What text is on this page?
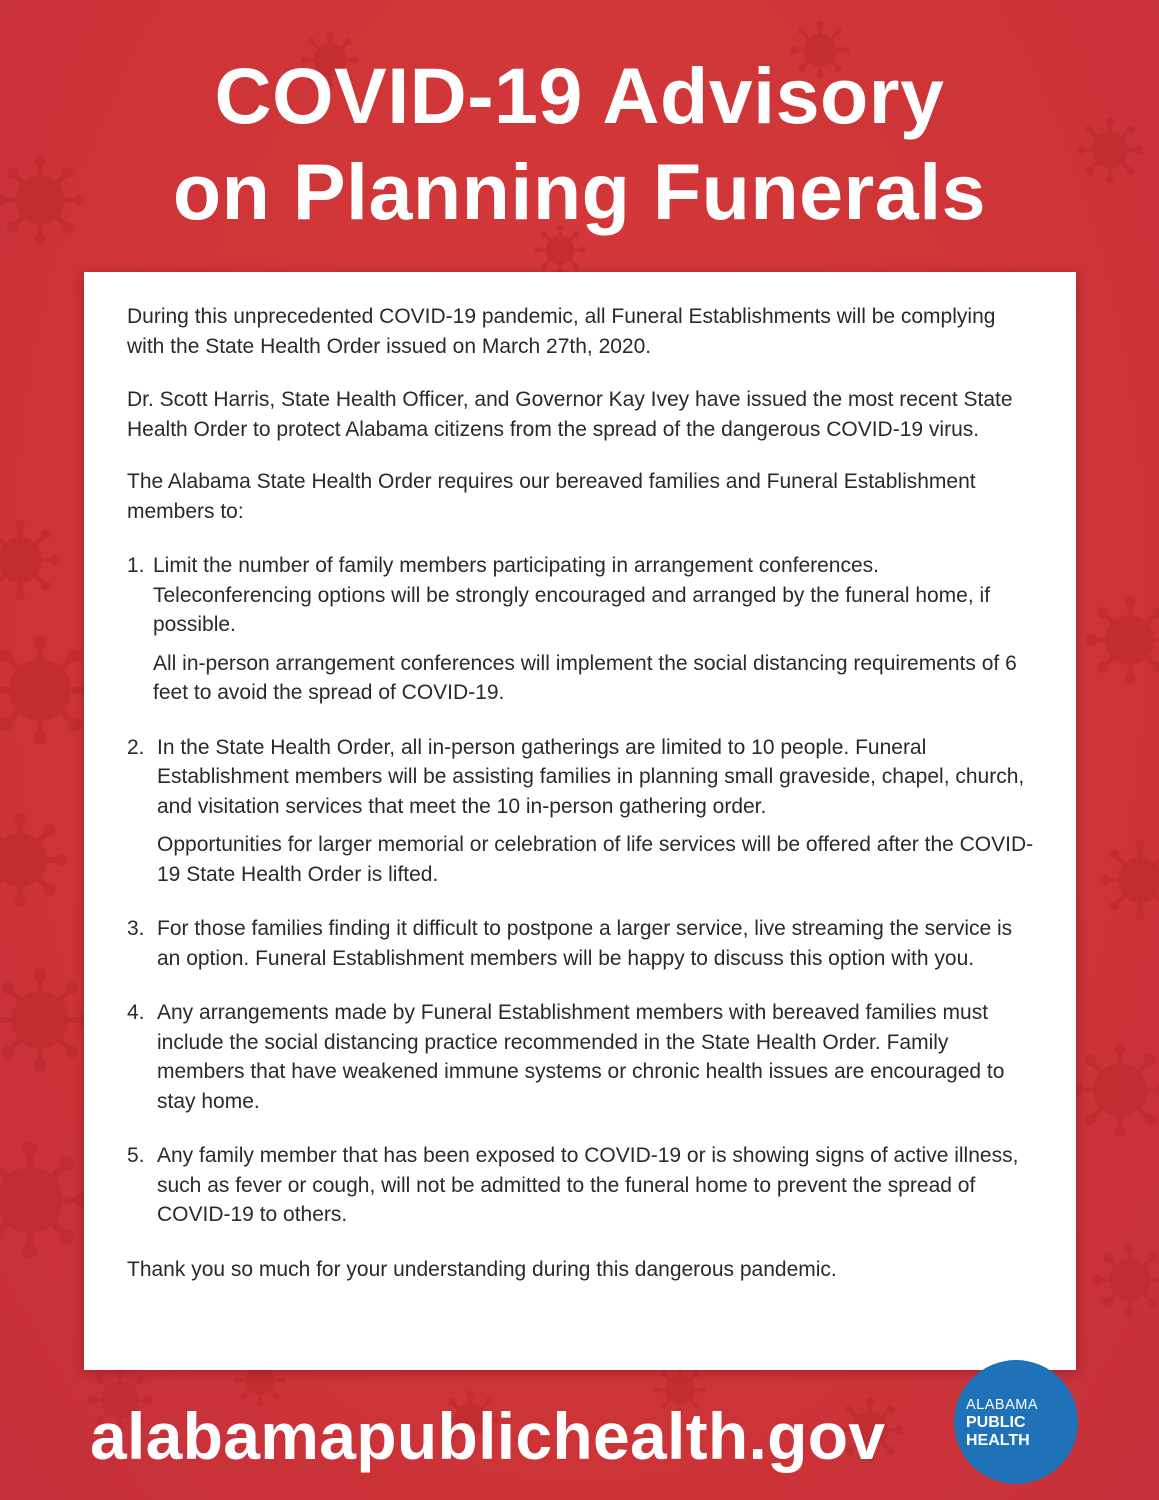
COVID-19 Advisory
on Planning Funerals

During this unprecedented COVID-19 pandemic, all Funeral Establishments will be complying with the State Health Order issued on March 27th, 2020.

Dr. Scott Harris, State Health Officer, and Governor Kay Ivey have issued the most recent State Health Order to protect Alabama citizens from the spread of the dangerous COVID-19 virus.

The Alabama State Health Order requires our bereaved families and Funeral Establishment members to:

1. Limit the number of family members participating in arrangement conferences. Teleconferencing options will be strongly encouraged and arranged by the funeral home, if possible.

All in-person arrangement conferences will implement the social distancing requirements of 6 feet to avoid the spread of COVID-19.

2. In the State Health Order, all in-person gatherings are limited to 10 people. Funeral Establishment members will be assisting families in planning small graveside, chapel, church, and visitation services that meet the 10 in-person gathering order.

Opportunities for larger memorial or celebration of life services will be offered after the COVID-19 State Health Order is lifted.

3. For those families finding it difficult to postpone a larger service, live streaming the service is an option. Funeral Establishment members will be happy to discuss this option with you.

4. Any arrangements made by Funeral Establishment members with bereaved families must include the social distancing practice recommended in the State Health Order. Family members that have weakened immune systems or chronic health issues are encouraged to stay home.

5. Any family member that has been exposed to COVID-19 or is showing signs of active illness, such as fever or cough, will not be admitted to the funeral home to prevent the spread of COVID-19 to others.

Thank you so much for your understanding during this dangerous pandemic.

alabamapublichealth.gov	ALABAMA
PUBLIC
HEALTH
